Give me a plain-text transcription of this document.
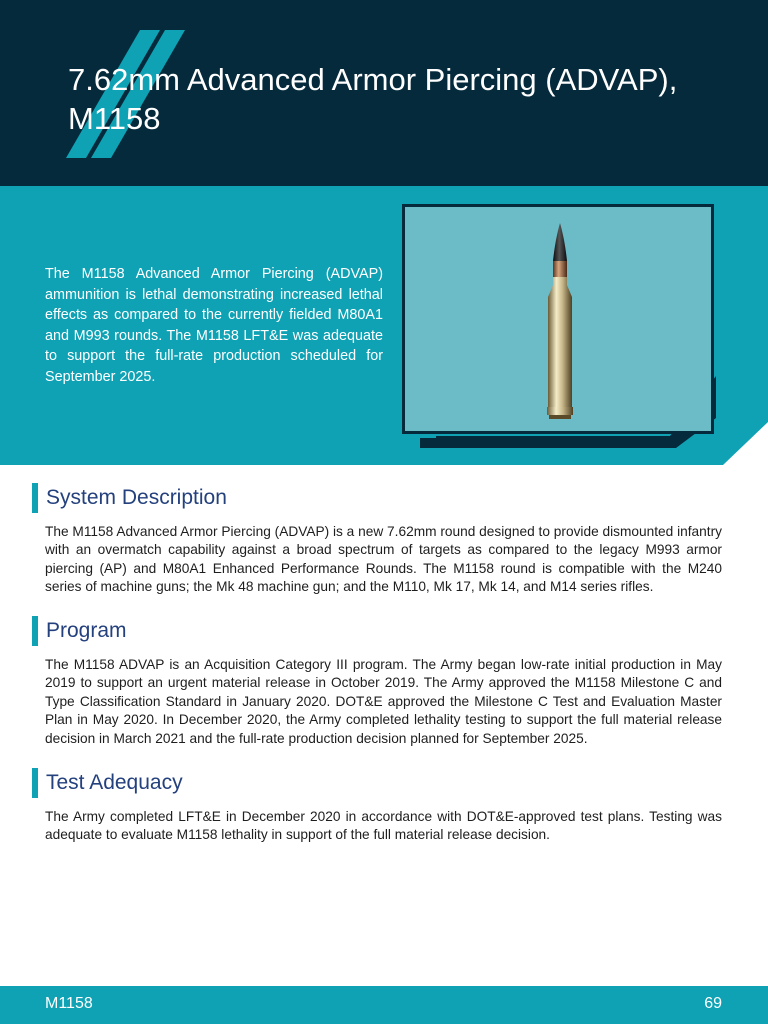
7.62mm Advanced Armor Piercing (ADVAP), M1158

The M1158 Advanced Armor Piercing (ADVAP) ammunition is lethal demonstrating increased lethal effects as compared to the currently fielded M80A1 and M993 rounds. The M1158 LFT&E was adequate to support the full-rate production scheduled for September 2025.

System Description

The M1158 Advanced Armor Piercing (ADVAP) is a new 7.62mm round designed to provide dismounted infantry with an overmatch capability against a broad spectrum of targets as compared to the legacy M993 armor piercing (AP) and M80A1 Enhanced Performance Rounds. The M1158 round is compatible with the M240 series of machine guns; the Mk 48 machine gun; and the M110, Mk 17, Mk 14, and M14 series rifles.

Program

The M1158 ADVAP is an Acquisition Category III program. The Army began low-rate initial production in May 2019 to support an urgent material release in October 2019. The Army approved the M1158 Milestone C and Type Classification Standard in January 2020. DOT&E approved the Milestone C Test and Evaluation Master Plan in May 2020. In December 2020, the Army completed lethality testing to support the full material release decision in March 2021 and the full-rate production decision planned for September 2025.

Test Adequacy

The Army completed LFT&E in December 2020 in accordance with DOT&E-approved test plans. Testing was adequate to evaluate M1158 lethality in support of the full material release decision.

M1158	69
